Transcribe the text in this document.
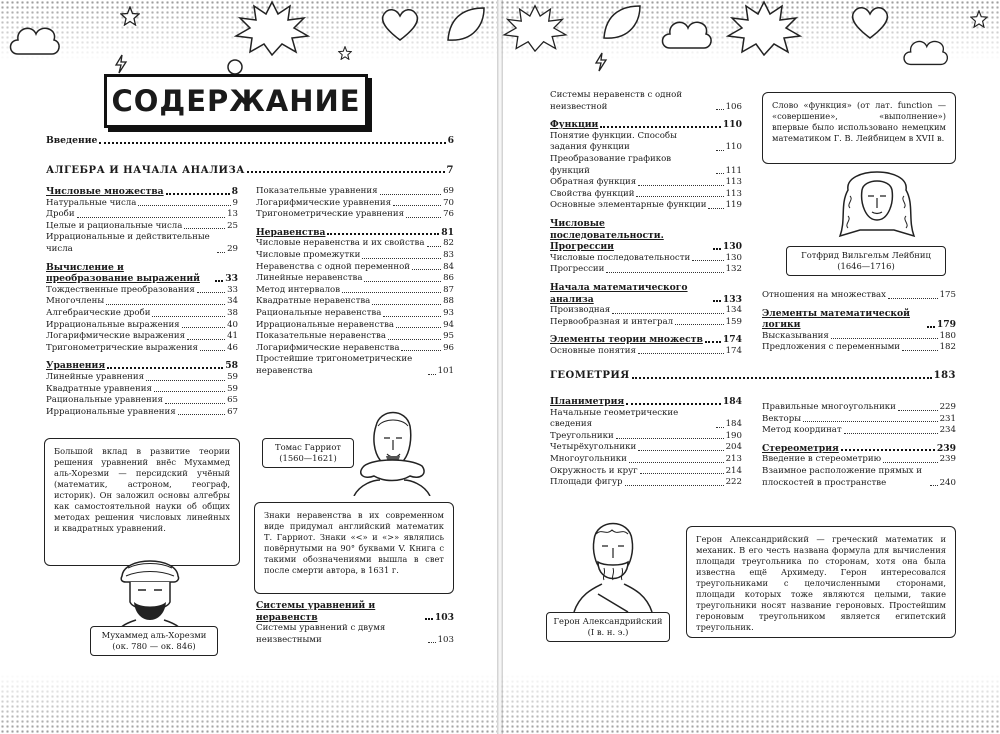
СОДЕРЖАНИЕ
Введение	6
АЛГЕБРА И НАЧАЛА АНАЛИЗА	7
Числовые множества	8
Натуральные числа	9
Дроби	13
Целые и рациональные числа	25
Иррациональные и действительные числа	29
Вычисление и преобразование выражений	33
Тождественные преобразования	33
Многочлены	34
Алгебраические дроби	38
Иррациональные выражения	40
Логарифмические выражения	41
Тригонометрические выражения	46
Уравнения	58
Линейные уравнения	59
Квадратные уравнения	59
Рациональные уравнения	65
Иррациональные уравнения	67
Показательные уравнения	69
Логарифмические уравнения	70
Тригонометрические уравнения	76
Неравенства	81
Числовые неравенства и их свойства 82
Числовые промежутки	83
Неравенства с одной переменной	84
Линейные неравенства	86
Метод интервалов	87
Квадратные неравенства	88
Рациональные неравенства	93
Иррациональные неравенства	94
Показательные неравенства	95
Логарифмические неравенства	96
Простейшие тригонометрические неравенства	101
Системы уравнений и неравенств	103
Системы уравнений с двумя неизвестными	103
Большой вклад в развитие теории решения уравнений внёс Мухаммед аль-Хорезми — персидский учёный (математик, астроном, географ, историк). Он заложил основы алгебры как самостоятельной науки об общих методах решения числовых линейных и квадратных уравнений.
Мухаммед аль-Хорезми (ок. 780 — ок. 846)
Томас Гарриот (1560—1621)
Знаки неравенства в их современном виде придумал английский математик Т. Гарриот. Знаки «<» и «>» являлись повёрнутыми на 90° буквами V. Книга с такими обозначениями вышла в свет после смерти автора, в 1631 г.
Системы неравенств с одной неизвестной	106
Функции	110
Понятие функции. Способы задания функции	110
Преобразование графиков функций	111
Обратная функция	113
Свойства функций	113
Основные элементарные функции 119
Числовые последовательности. Прогрессии	130
Числовые последовательности	130
Прогрессии	132
Начала математического анализа	133
Производная	134
Первообразная и интеграл	159
Элементы теории множеств 174
Основные понятия	174
Слово «функция» (от лат. function — «совершение», «выполнение») впервые было использовано немецким математиком Г. В. Лейбницем в XVII в.
Готфрид Вильгельм Лейбниц (1646—1716)
Отношения на множествах	175
Элементы математической логики	179
Высказывания	180
Предложения с переменными	182
ГЕОМЕТРИЯ	183
Планиметрия	184
Начальные геометрические сведения	184
Треугольники	190
Четырёхугольники	204
Многоугольники	213
Окружность и круг	214
Площади фигур	222
Правильные многоугольники	229
Векторы	231
Метод координат	234
Стереометрия	239
Введение в стереометрию	239
Взаимное расположение прямых и плоскостей в пространстве	240
Герон Александрийский (I в. н. э.)
Герон Александрийский — греческий математик и механик. В его честь названа формула для вычисления площади треугольника по сторонам, хотя она была известна ещё Архимеду. Герон интересовался треугольниками с целочисленными сторонами, площади которых тоже являются целыми, такие треугольники носят название героновых. Простейшим героновым треугольником является египетский треугольник.
